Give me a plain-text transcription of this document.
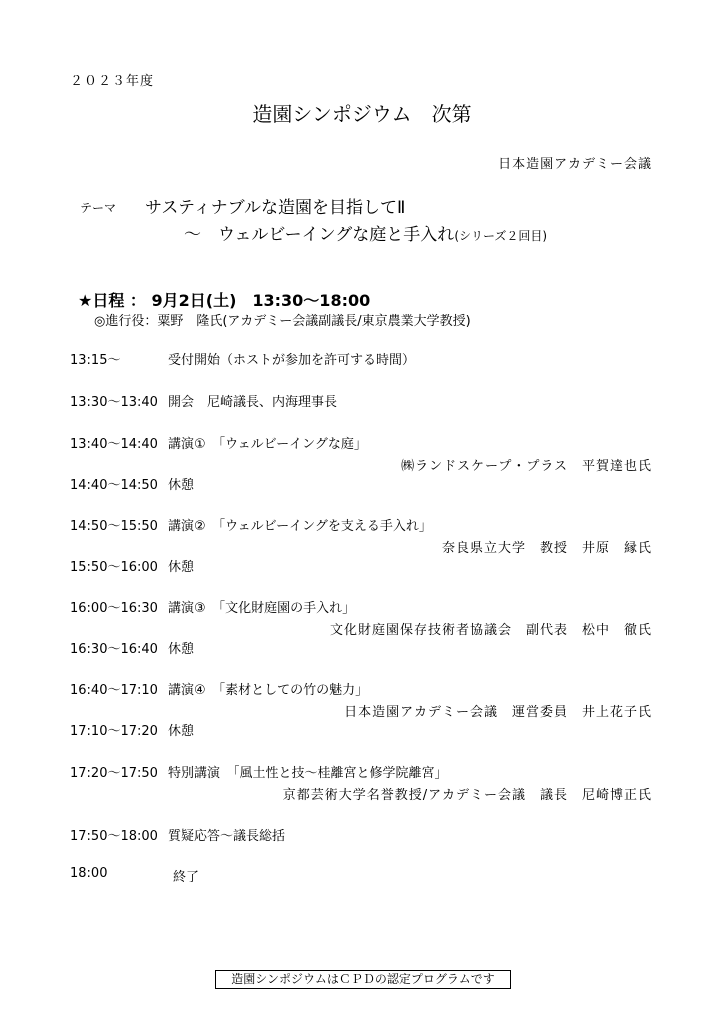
２０２３年度
造園シンポジウム　次第
日本造園アカデミー会議
テーマ サスティナブルな造園を目指してⅡ
～　ウェルビーイングな庭と手入れ(シリーズ２回目)
★日程 ： 9月2日(土)　13:30～18:00
◎進行役：粟野　隆氏(アカデミー会議副議長/東京農業大学教授)
13:15～	受付開始（ホストが参加を許可する時間）
13:30～13:40 開会　尼崎議長、内海理事長
13:40～14:40 講演①　「ウェルビーイングな庭」
㈱ランドスケープ・プラス　平賀達也氏
14:40～14:50 休憩
14:50～15:50 講演②　「ウェルビーイングを支える手入れ」
奈良県立大学　教授　井原　縁氏
15:50～16:00 休憩
16:00～16:30 講演③　「文化財庭園の手入れ」
文化財庭園保存技術者協議会　副代表　松中　徹氏
16:30～16:40 休憩
16:40～17:10 講演④　「素材としての竹の魅力」
日本造園アカデミー会議　運営委員　井上花子氏
17:10～17:20 休憩
17:20～17:50 特別講演　「風土性と技～桂離宮と修学院離宮」
京都芸術大学名誉教授/アカデミー会議　議長　尼崎博正氏
17:50～18:00 質疑応答～議長総括
18:00	終了
造園シンポジウムはＣＰＤの認定プログラムです
